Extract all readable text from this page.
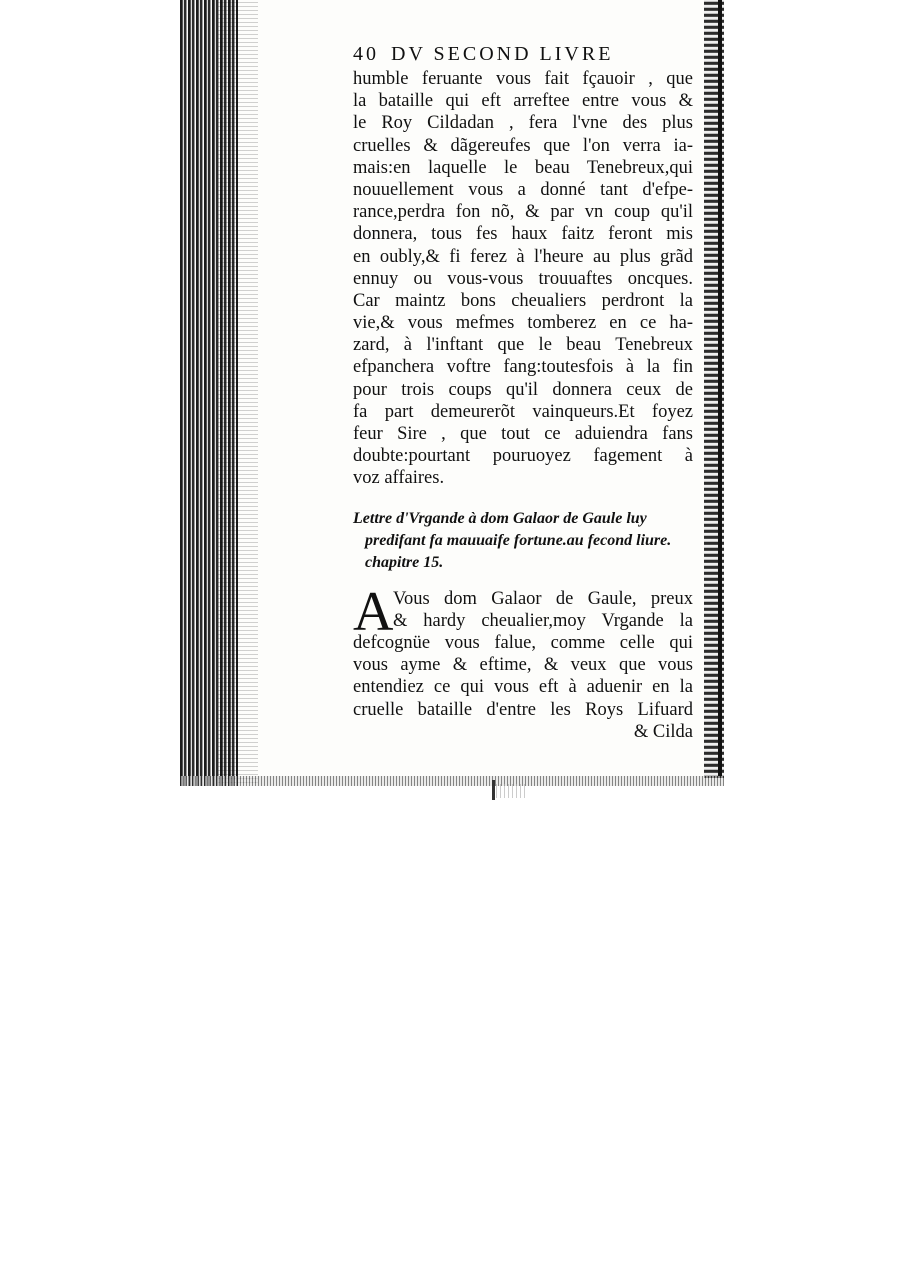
40 DV SECOND LIVRE
humble feruante vous fait fçauoir , que
la bataille qui eft arreftee entre vous &
le Roy Cildadan , fera l'vne des plus
cruelles & dãgereufes que l'on verra ia-
mais:en laquelle le beau Tenebreux,qui
nouuellement vous a donné tant d'efpe-
rance,perdra fon nõ, & par vn coup qu'il
donnera, tous fes haux faitz feront mis
en oubly,& fi ferez à l'heure au plus grãd
ennuy ou vous-vous trouuaftes oncques.
Car maintz bons cheualiers perdront la
vie,& vous mefmes tomberez en ce ha-
zard, à l'inftant que le beau Tenebreux
efpanchera voftre fang:toutesfois à la fin
pour trois coups qu'il donnera ceux de
fa part demeurerõt vainqueurs.Et foyez
feur Sire , que tout ce aduiendra fans
doubte:pourtant pouruoyez fagement à
voz affaires.
Lettre d'Vrgande à dom Galaor de Gaule luy
predifant fa mauuaife fortune.au fecond liure.
chapitre 15.
A Vous dom Galaor de Gaule, preux
& hardy cheualier,moy Vrgande la
defcognüe vous falue, comme celle qui
vous ayme & eftime, & veux que vous
entendiez ce qui vous eft à aduenir en la
cruelle bataille d'entre les Roys Lifuard
& Cilda
